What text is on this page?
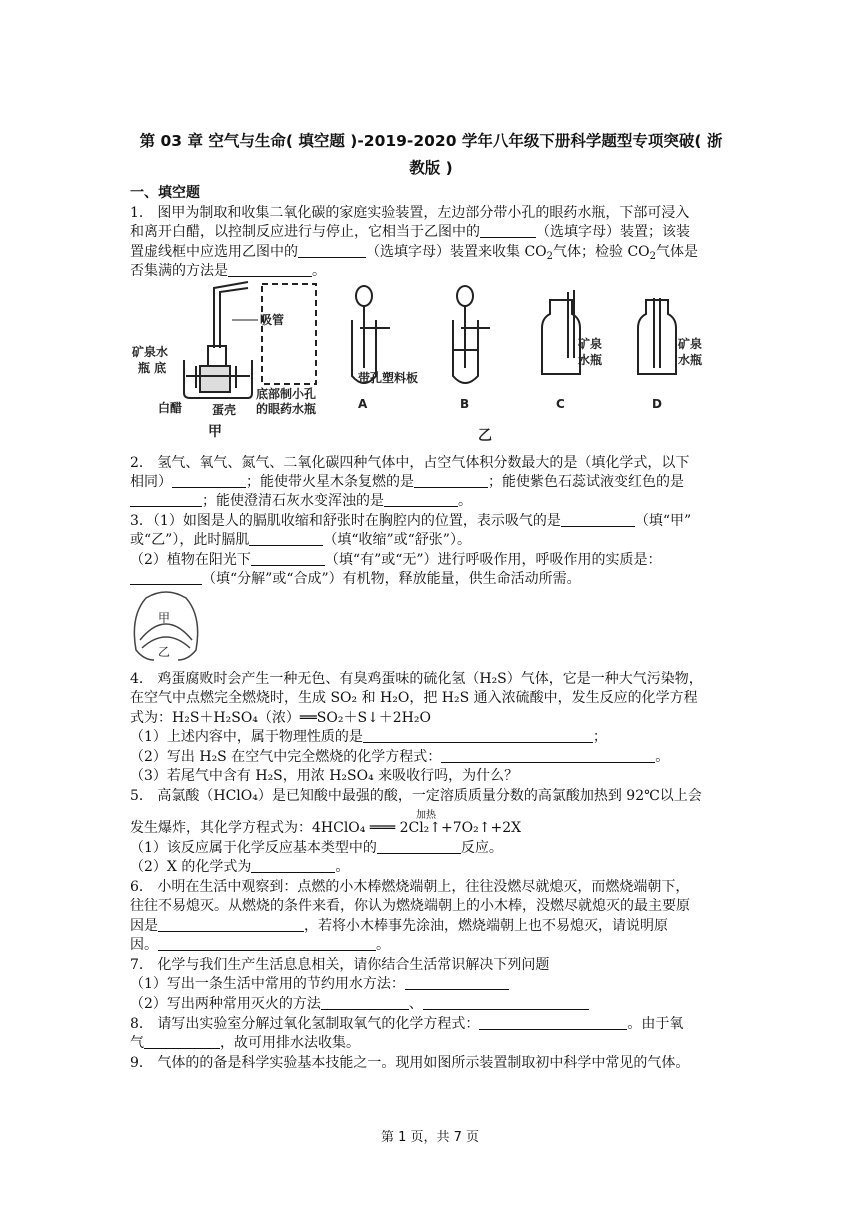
第 03 章 空气与生命( 填空题 )-2019-2020 学年八年级下册科学题型专项突破( 浙
教版 )
一、填空题
1． 图甲为制取和收集二氧化碳的家庭实验装置，左边部分带小孔的眼药水瓶，下部可浸入
和离开白醋，以控制反应进行与停止，它相当于乙图中的	（选填字母）装置；该装
置虚线框中应选用乙图中的	（选填字母）装置来收集 $CO_2$气体；检验 $CO_2$气体是
否集满的方法是	。
吸管
矿泉水
瓶 底
白醋 蛋壳
底部制小孔
的眼药水瓶
甲
A
带孔塑料板
B
乙
C
矿泉
水瓶
矿泉
水瓶
D
2． 氢气、氧气、氮气、二氧化碳四种气体中，占空气体积分数最大的是（填化学式，以下
相同）	；能使带火星木条复燃的是	；能使紫色石蕊试液变红色的是
；能使澄清石灰水变浑浊的是	。
3．（1）如图是人的膈肌收缩和舒张时在胸腔内的位置，表示吸气的是	（填“甲”
或“乙”），此时膈肌	（填“收缩”或“舒张”）。
（2）植物在阳光下	（填“有”或“无”）进行呼吸作用，呼吸作用的实质是：
（填“分解”或“合成”）有机物，释放能量，供生命活动所需。
甲
乙
4． 鸡蛋腐败时会产生一种无色、有臭鸡蛋味的硫化氢（H₂S）气体，它是一种大气污染物，
在空气中点燃完全燃烧时，生成 SO₂ 和 H₂O，把 H₂S 通入浓硫酸中，发生反应的化学方程
式为：H₂S＋H₂SO₄（浓）══SO₂＋S↓＋2H₂O
（1）上述内容中，属于物理性质的是	；
（2）写出 H₂S 在空气中完全燃烧的化学方程式：	。
（3）若尾气中含有 H₂S，用浓 H₂SO₄ 来吸收行吗，为什么？
5． 高氯酸（HClO₄）是已知酸中最强的酸，一定溶质质量分数的高氯酸加热到 92℃以上会
加热
发生爆炸，其化学方程式为：4HClO₄ ═══ 2Cl₂↑+7O₂↑+2X
（1）该反应属于化学反应基本类型中的	反应。
（2）X 的化学式为	。
6． 小明在生活中观察到：点燃的小木棒燃烧端朝上，往往没燃尽就熄灭，而燃烧端朝下，
往往不易熄灭。从燃烧的条件来看，你认为燃烧端朝上的小木棒，没燃尽就熄灭的最主要原
因是	，若将小木棒事先涂油，燃烧端朝上也不易熄灭，请说明原
因。	。
7． 化学与我们生产生活息息相关，请你结合生活常识解决下列问题
（1）写出一条生活中常用的节约用水方法：
（2）写出两种常用灭火的方法	、
8． 请写出实验室分解过氧化氢制取氧气的化学方程式：	。由于氧
气	，故可用排水法收集。
9． 气体的的备是科学实验基本技能之一。现用如图所示装置制取初中科学中常见的气体。
第 1 页，共 7 页
